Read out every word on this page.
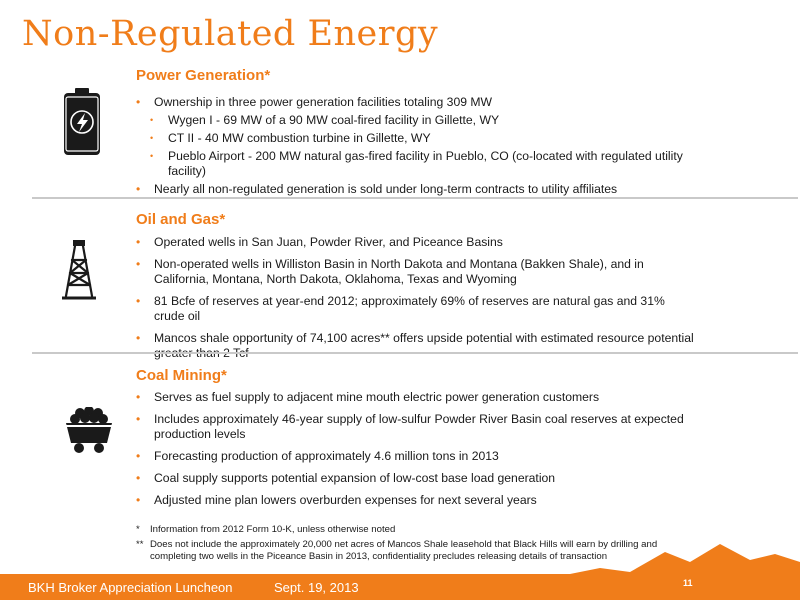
Non-Regulated Energy
Power Generation*
• Ownership in three power generation facilities totaling 309 MW
• Wygen I - 69 MW of a 90 MW coal-fired facility in Gillette, WY
• CT II - 40 MW combustion turbine in Gillette, WY
• Pueblo Airport - 200 MW natural gas-fired facility in Pueblo, CO (co-located with regulated utility facility)
• Nearly all non-regulated generation is sold under long-term contracts to utility affiliates
Oil and Gas*
• Operated wells in San Juan, Powder River, and Piceance Basins
• Non-operated wells in Williston Basin in North Dakota and Montana (Bakken Shale), and in California, Montana, North Dakota, Oklahoma, Texas and Wyoming
• 81 Bcfe of reserves at year-end 2012; approximately 69% of reserves are natural gas and 31% crude oil
• Mancos shale opportunity of 74,100 acres** offers upside potential with estimated resource potential greater than 2 Tcf
Coal Mining*
• Serves as fuel supply to adjacent mine mouth electric power generation customers
• Includes approximately 46-year supply of low-sulfur Powder River Basin coal reserves at expected production levels
• Forecasting production of approximately 4.6 million tons in 2013
• Coal supply supports potential expansion of low-cost base load generation
• Adjusted mine plan lowers overburden expenses for next several years
* Information from 2012 Form 10-K, unless otherwise noted
** Does not include the approximately 20,000 net acres of Mancos Shale leasehold that Black Hills will earn by drilling and completing two wells in the Piceance Basin in 2013, confidentiality precludes releasing details of transaction
BKH Broker Appreciation Luncheon	Sept. 19, 2013	11
